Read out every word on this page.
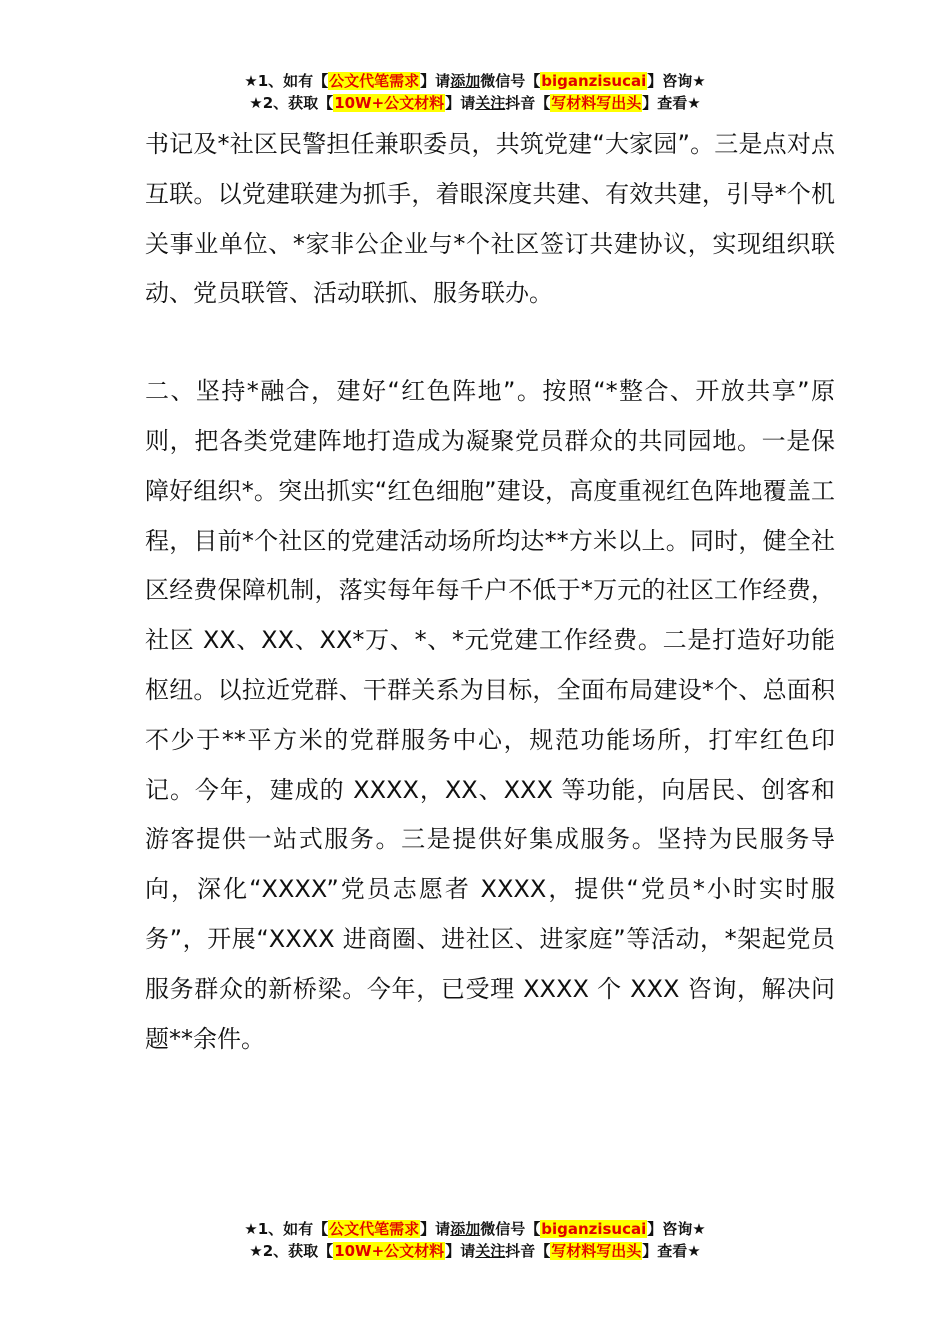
★1、如有【公文代笔需求】请添加微信号【biganzisucai】咨询★
★2、获取【10W+公文材料】请关注抖音【写材料写出头】查看★

书记及*社区民警担任兼职委员，共筑党建“大家园”。三是点对点互联。以党建联建为抓手，着眼深度共建、有效共建，引导*个机关事业单位、*家非公企业与*个社区签订共建协议，实现组织联动、党员联管、活动联抓、服务联办。

二、坚持*融合，建好“红色阵地”。按照“*整合、开放共享”原则，把各类党建阵地打造成为凝聚党员群众的共同园地。一是保障好组织*。突出抓实“红色细胞”建设，高度重视红色阵地覆盖工程，目前*个社区的党建活动场所均达**方米以上。同时，健全社区经费保障机制，落实每年每千户不低于*万元的社区工作经费，社区 XX、XX、XX*万、*、*元党建工作经费。二是打造好功能枢纽。以拉近党群、干群关系为目标，全面布局建设*个、总面积不少于**平方米的党群服务中心，规范功能场所，打牢红色印记。今年，建成的 XXXX，XX、XXX 等功能，向居民、创客和游客提供一站式服务。三是提供好集成服务。坚持为民服务导向，深化“XXXX”党员志愿者 XXXX，提供“党员*小时实时服务”，开展“XXXX 进商圈、进社区、进家庭”等活动，*架起党员服务群众的新桥梁。今年，已受理 XXXX 个 XXX 咨询，解决问题**余件。

★1、如有【公文代笔需求】请添加微信号【biganzisucai】咨询★
★2、获取【10W+公文材料】请关注抖音【写材料写出头】查看★
